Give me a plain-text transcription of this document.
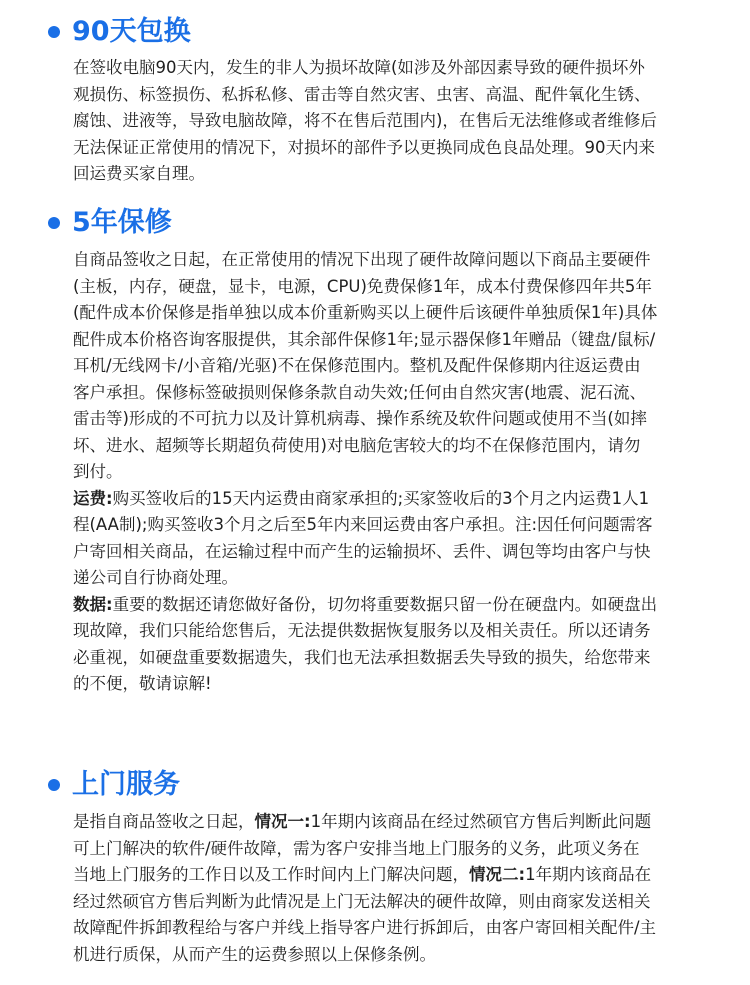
90天包换
在签收电脑90天内，发生的非人为损坏故障(如涉及外部因素导致的硬件损坏外
观损伤、标签损伤、私拆私修、雷击等自然灾害、虫害、高温、配件氧化生锈、
腐蚀、进液等，导致电脑故障，将不在售后范围内)，在售后无法维修或者维修后
无法保证正常使用的情况下，对损坏的部件予以更换同成色良品处理。90天内来
回运费买家自理。
5年保修
自商品签收之日起，在正常使用的情况下出现了硬件故障问题以下商品主要硬件
(主板，内存，硬盘，显卡，电源，CPU)免费保修1年，成本付费保修四年共5年
(配件成本价保修是指单独以成本价重新购买以上硬件后该硬件单独质保1年)具体
配件成本价格咨询客服提供，其余部件保修1年;显示器保修1年赠品（键盘/鼠标/
耳机/无线网卡/小音箱/光驱)不在保修范围内。整机及配件保修期内往返运费由
客户承担。保修标签破损则保修条款自动失效;任何由自然灾害(地震、泥石流、
雷击等)形成的不可抗力以及计算机病毒、操作系统及软件问题或使用不当(如摔
坏、进水、超频等长期超负荷使用)对电脑危害较大的均不在保修范围内，请勿
到付。
运费:购买签收后的15天内运费由商家承担的;买家签收后的3个月之内运费1人1
程(AA制);购买签收3个月之后至5年内来回运费由客户承担。注:因任何问题需客
户寄回相关商品，在运输过程中而产生的运输损坏、丢件、调包等均由客户与快
递公司自行协商处理。
数据:重要的数据还请您做好备份，切勿将重要数据只留一份在硬盘内。如硬盘出
现故障，我们只能给您售后，无法提供数据恢复服务以及相关责任。所以还请务
必重视，如硬盘重要数据遗失，我们也无法承担数据丢失导致的损失，给您带来
的不便，敬请谅解!
上门服务
是指自商品签收之日起，情况一:1年期内该商品在经过然硕官方售后判断此问题
可上门解决的软件/硬件故障，需为客户安排当地上门服务的义务，此项义务在
当地上门服务的工作日以及工作时间内上门解决问题，情况二:1年期内该商品在
经过然硕官方售后判断为此情况是上门无法解决的硬件故障，则由商家发送相关
故障配件拆卸教程给与客户并线上指导客户进行拆卸后，由客户寄回相关配件/主
机进行质保，从而产生的运费参照以上保修条例。
